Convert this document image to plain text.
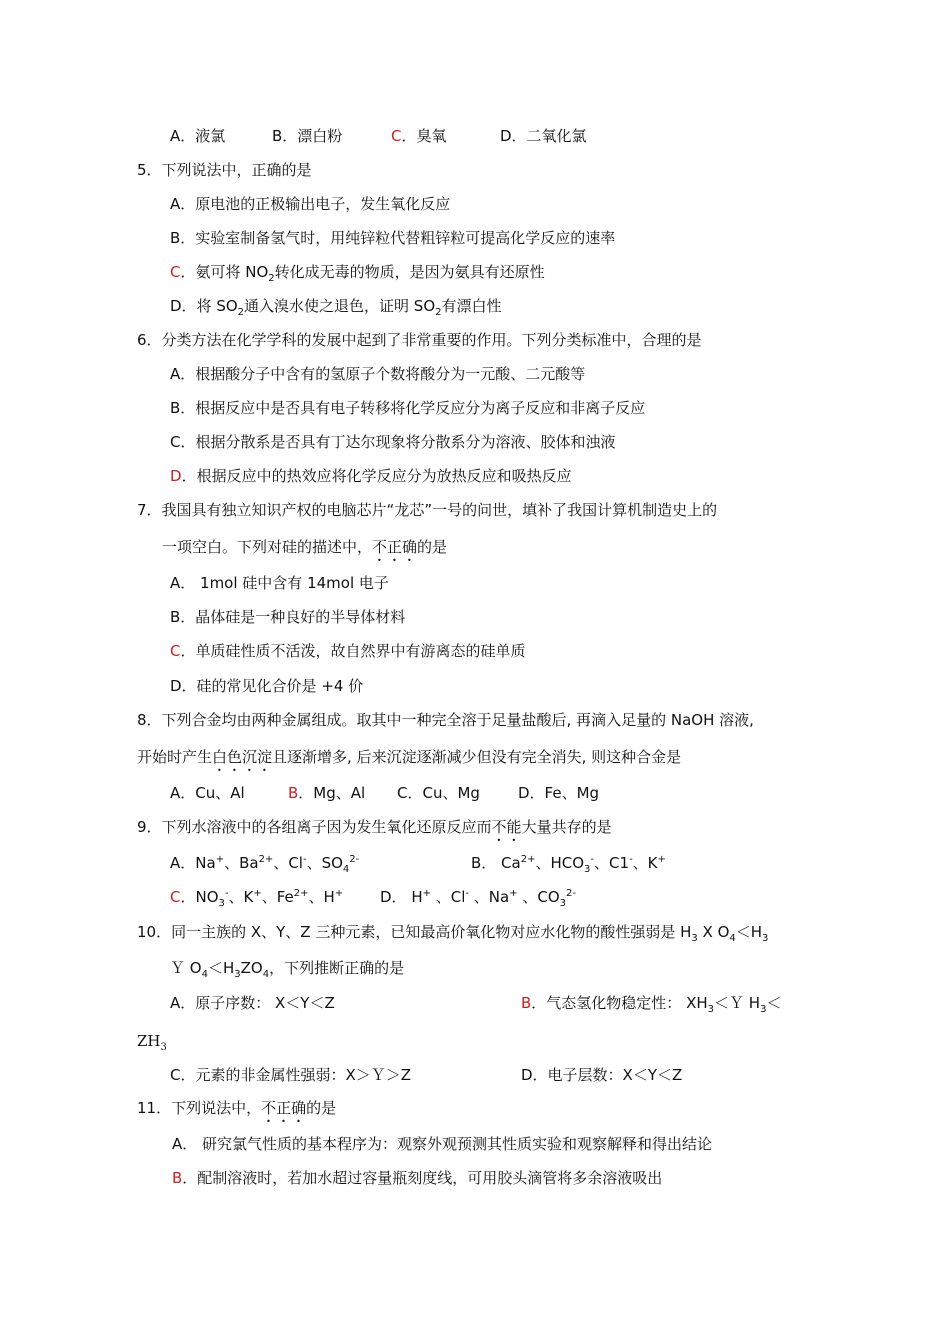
A．液氯	B．漂白粉	C．臭氧	D．二氧化氯
5．下列说法中，正确的是
A．原电池的正极输出电子，发生氧化反应
B．实验室制备氢气时，用纯锌粒代替粗锌粒可提高化学反应的速率
C．氨可将 $NO_2$转化成无毒的物质，是因为氨具有还原性
D．将 $SO_2$通入溴水使之退色，证明 $SO_2$有漂白性
6．分类方法在化学学科的发展中起到了非常重要的作用。下列分类标准中，合理的是
A．根据酸分子中含有的氢原子个数将酸分为一元酸、二元酸等
B．根据反应中是否具有电子转移将化学反应分为离子反应和非离子反应
C．根据分散系是否具有丁达尔现象将分散系分为溶液、胶体和浊液
D．根据反应中的热效应将化学反应分为放热反应和吸热反应
7．我国具有独立知识产权的电脑芯片“龙芯”一号的问世，填补了我国计算机制造史上的
一项空白。下列对硅的描述中，不正确的是
A． 1mol 硅中含有 14mol 电子
B．晶体硅是一种良好的半导体材料
C．单质硅性质不活泼，故自然界中有游离态的硅单质
D．硅的常见化合价是 +4 价
8．下列合金均由两种金属组成。取其中一种完全溶于足量盐酸后, 再滴入足量的 NaOH 溶液,
开始时产生白色沉淀且逐渐增多, 后来沉淀逐渐减少但没有完全消失, 则这种合金是
A．Cu、Al	B．Mg、Al C．Cu、Mg	D．Fe、Mg
9．下列水溶液中的各组离子因为发生氧化还原反应而不能大量共存的是
A．Na+、$Ba^{2+}$、Cl-、$SO_4^{2-}$	B． $Ca^{2+}$、$HCO_3^-$、C1-、K+
C．$NO_3^-$、K+、$Fe^{2+}$、H+ D． H+ 、Cl- 、Na+ 、$CO_3^{2-}$
10．同一主族的 X、Y、Z 三种元素，已知最高价氧化物对应水化物的酸性强弱是 $H_3$ X $O_4<H_3$
Ｙ $O_4<H_3ZO_4$，下列推断正确的是
A．原子序数： X＜Y＜Z	B．气态氢化物稳定性： $XH_3<Y$ $H_3<$
$ZH_3$
C．元素的非金属性强弱：X＞Ｙ＞Z	D．电子层数：X＜Y＜Z
11．下列说法中，不正确的是
A． 研究氯气性质的基本程序为：观察外观预测其性质实验和观察解释和得出结论
B．配制溶液时，若加水超过容量瓶刻度线，可用胶头滴管将多余溶液吸出
